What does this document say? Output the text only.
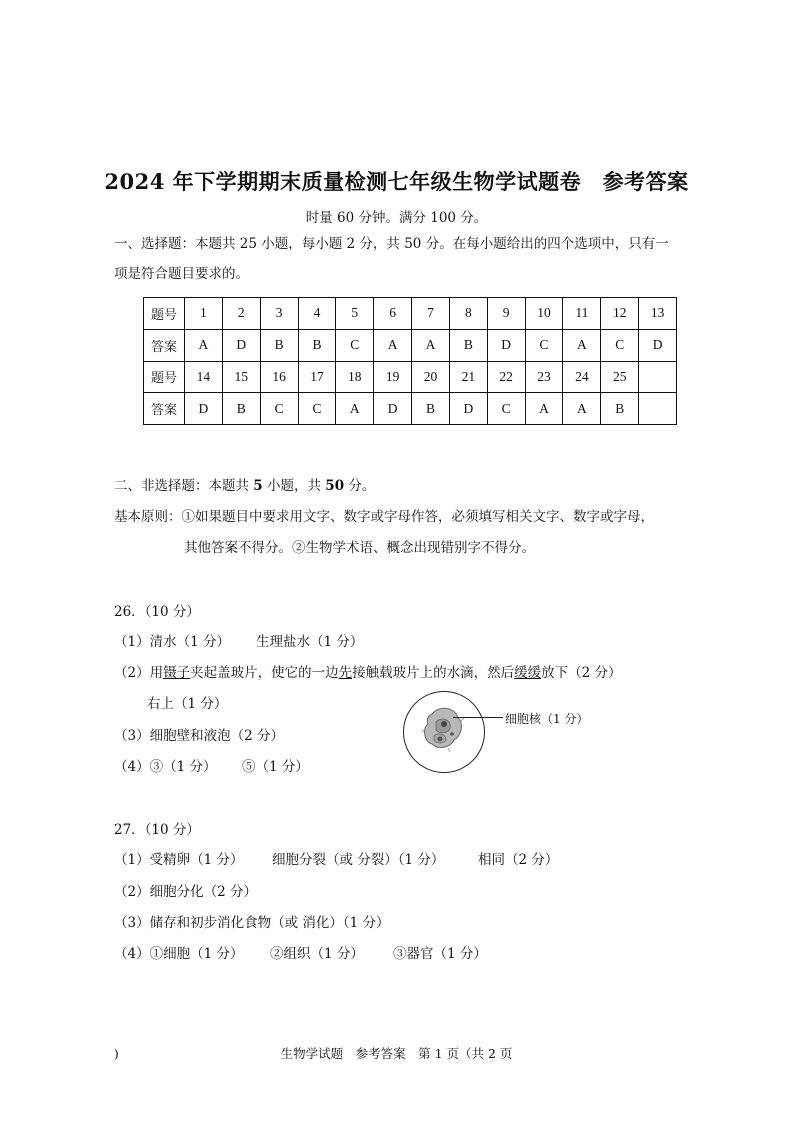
2024 年下学期期末质量检测七年级生物学试题卷　参考答案
时量 60 分钟。满分 100 分。
一、选择题：本题共 25 小题，每小题 2 分，共 50 分。在每小题给出的四个选项中，只有一
项是符合题目要求的。
题号	1	2	3	4	5	6	7	8	9	10	11	12	13
答案	A	D	B	B	C	A	A	B	D	C	A	C	D
题号	14	15	16	17	18	19	20	21	22	23	24	25	
答案	D	B	C	C	A	D	B	D	C	A	A	B	
二、非选择题：本题共 5 小题，共 50 分。
基本原则：①如果题目中要求用文字、数字或字母作答，必须填写相关文字、数字或字母，
其他答案不得分。②生物学术语、概念出现错别字不得分。
26．（10 分）
（1）清水（1 分） 生理盐水（1 分）
（2）用镊子夹起盖玻片，使它的一边先接触载玻片上的水滴，然后缓缓放下（2 分）
右上（1 分）
（3）细胞壁和液泡（2 分）
（4）③（1 分） ⑤（1 分）
细胞核（1 分）
27．（10 分）
（1）受精卵（1 分） 细胞分裂（或 分裂）（1 分） 相同（2 分）
（2）细胞分化（2 分）
（3）储存和初步消化食物（或 消化）（1 分）
（4）①细胞（1 分） ②组织（1 分） ③器官（1 分）
)	生物学试题　参考答案　第 1 页（共 2 页
